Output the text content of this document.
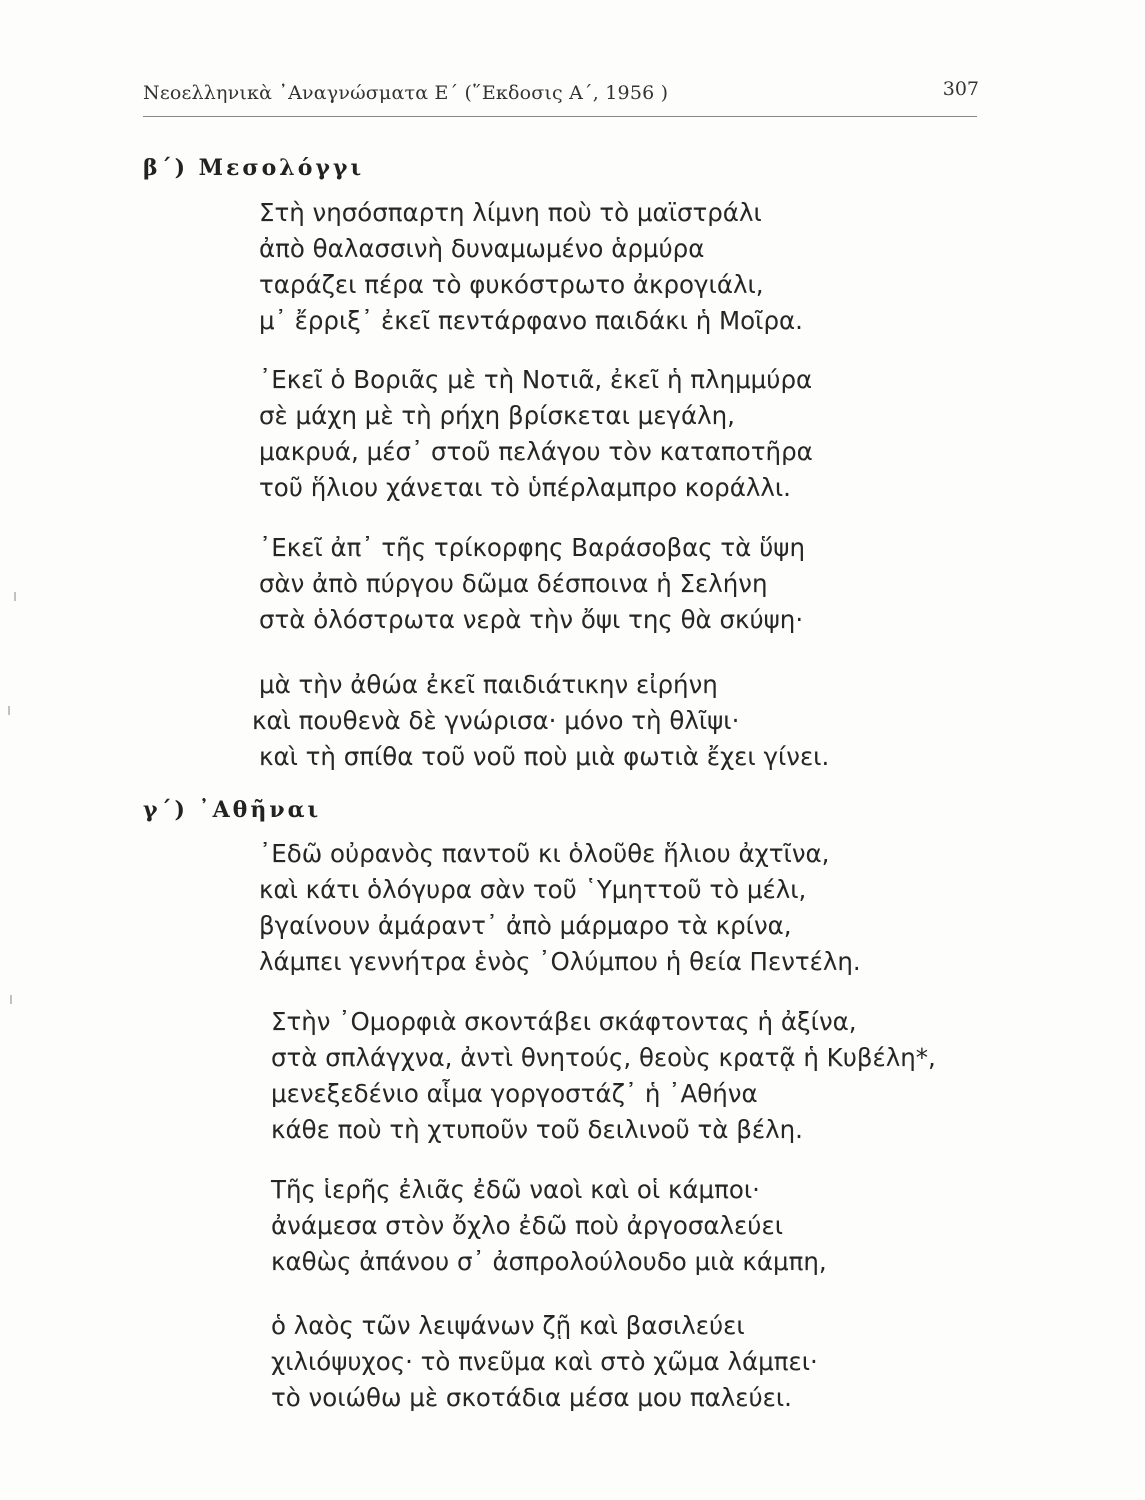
Νεοελληνικὰ ᾿Αναγνώσματα Ε΄ (῞Εκδοσις Α΄, 1956 )	307
β΄) Μεσολόγγι
Στὴ νησόσπαρτη λίμνη ποὺ τὸ μαϊστράλι
ἀπὸ θαλασσινὴ δυναμωμένο ἁρμύρα
ταράζει πέρα τὸ φυκόστρωτο ἀκρογιάλι,
μ᾿ ἔρριξ᾿ ἐκεῖ πεντάρφανο παιδάκι ἡ Μοῖρα.
᾿Εκεῖ ὁ Βοριᾶς μὲ τὴ Νοτιᾶ, ἐκεῖ ἡ πλημμύρα
σὲ μάχη μὲ τὴ ρήχη βρίσκεται μεγάλη,
μακρυά, μέσ᾿ στοῦ πελάγου τὸν καταποτῆρα
τοῦ ἥλιου χάνεται τὸ ὑπέρλαμπρο κοράλλι.
᾿Εκεῖ ἀπ᾿ τῆς τρίκορφης Βαράσοβας τὰ ὕψη
σὰν ἀπὸ πύργου δῶμα δέσποινα ἡ Σελήνη
στὰ ὁλόστρωτα νερὰ τὴν ὄψι της θὰ σκύψη·
μὰ τὴν ἀθώα ἐκεῖ παιδιάτικην εἰρήνη
καὶ πουθενὰ δὲ γνώρισα· μόνο τὴ θλῖψι·
καὶ τὴ σπίθα τοῦ νοῦ ποὺ μιὰ φωτιὰ ἔχει γίνει.
γ΄) ᾿Αθῆναι
᾿Εδῶ οὐρανὸς παντοῦ κι ὁλοῦθε ἥλιου ἀχτῖνα,
καὶ κάτι ὁλόγυρα σὰν τοῦ ῾Υμηττοῦ τὸ μέλι,
βγαίνουν ἀμάραντ᾿ ἀπὸ μάρμαρο τὰ κρίνα,
λάμπει γεννήτρα ἑνὸς ᾿Ολύμπου ἡ θεία Πεντέλη.
Στὴν ᾿Ομορφιὰ σκοντάβει σκάφτοντας ἡ ἀξίνα,
στὰ σπλάγχνα, ἀντὶ θνητούς, θεοὺς κρατᾷ ἡ Κυβέλη*,
μενεξεδένιο αἷμα γοργοστάζ᾿ ἡ ᾿Αθήνα
κάθε ποὺ τὴ χτυποῦν τοῦ δειλινοῦ τὰ βέλη.
Τῆς ἱερῆς ἐλιᾶς ἐδῶ ναοὶ καὶ οἱ κάμποι·
ἀνάμεσα στὸν ὄχλο ἐδῶ ποὺ ἀργοσαλεύει
καθὼς ἀπάνου σ᾿ ἀσπρολούλουδο μιὰ κάμπη,
ὁ λαὸς τῶν λειψάνων ζῇ καὶ βασιλεύει
χιλιόψυχος· τὸ πνεῦμα καὶ στὸ χῶμα λάμπει·
τὸ νοιώθω μὲ σκοτάδια μέσα μου παλεύει.
